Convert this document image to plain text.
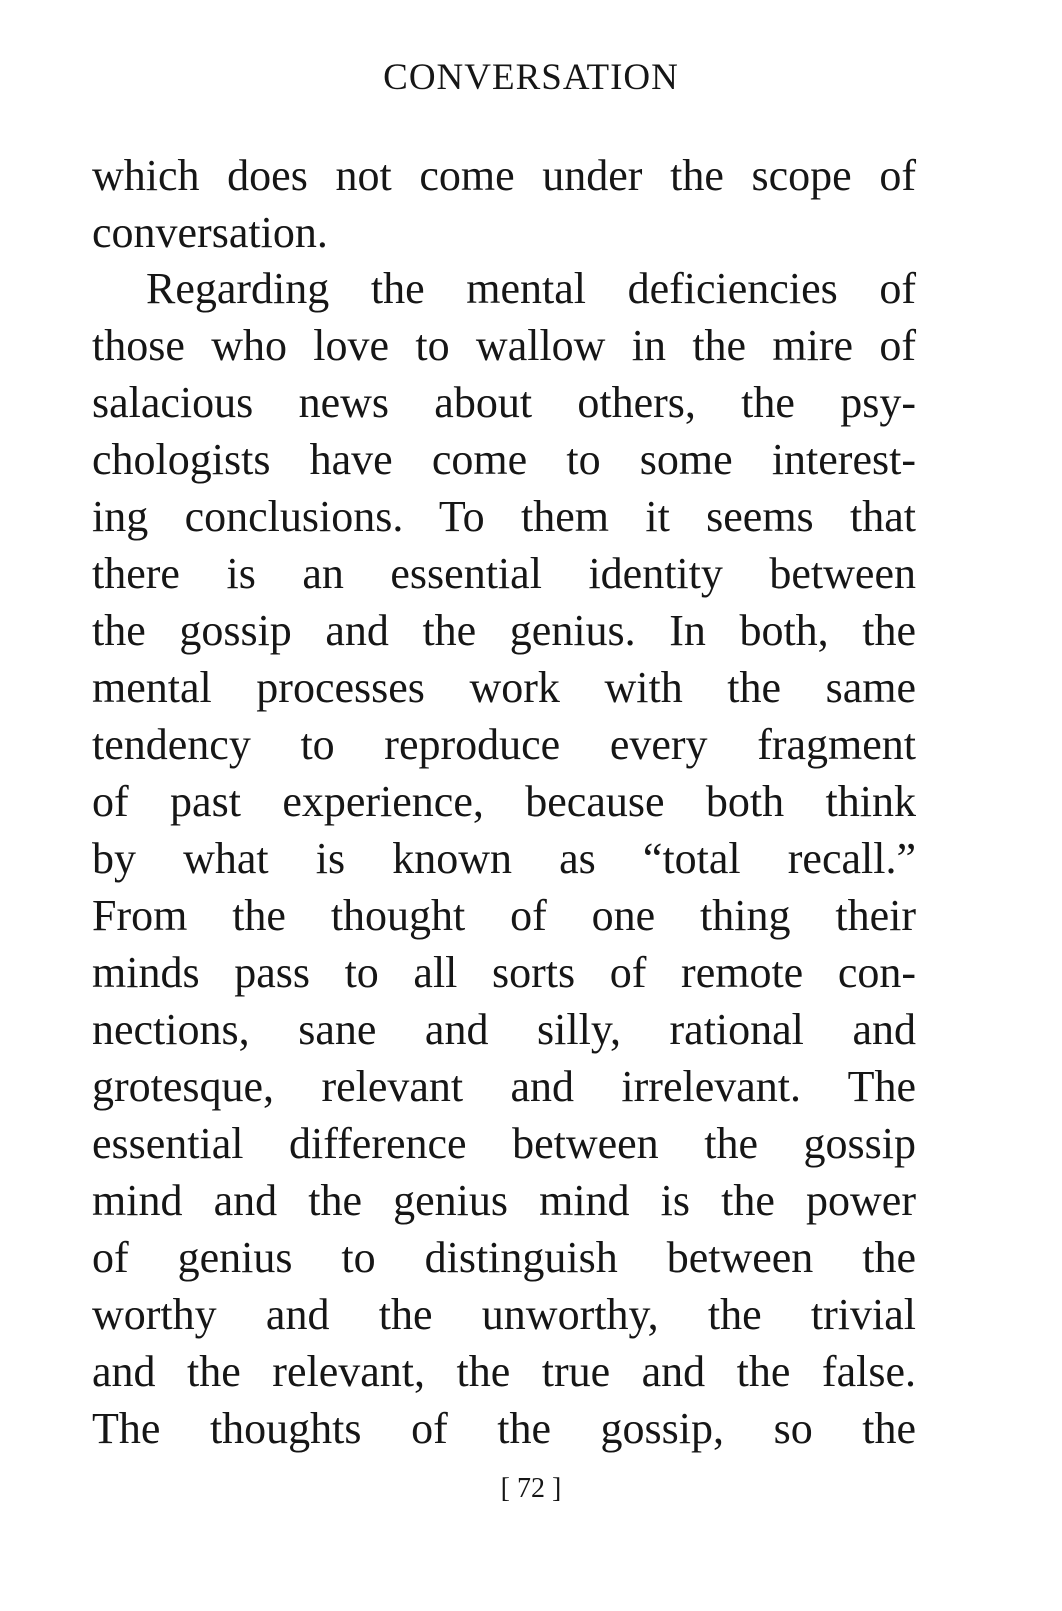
CONVERSATION
which does not come under the scope of
conversation.
Regarding the mental deficiencies of
those who love to wallow in the mire of
salacious news about others, the psy-
chologists have come to some interest-
ing conclusions. To them it seems that
there is an essential identity between
the gossip and the genius. In both, the
mental processes work with the same
tendency to reproduce every fragment
of past experience, because both think
by what is known as “total recall.”
From the thought of one thing their
minds pass to all sorts of remote con-
nections, sane and silly, rational and
grotesque, relevant and irrelevant. The
essential difference between the gossip
mind and the genius mind is the power
of genius to distinguish between the
worthy and the unworthy, the trivial
and the relevant, the true and the false.
The thoughts of the gossip, so the
[ 72 ]
